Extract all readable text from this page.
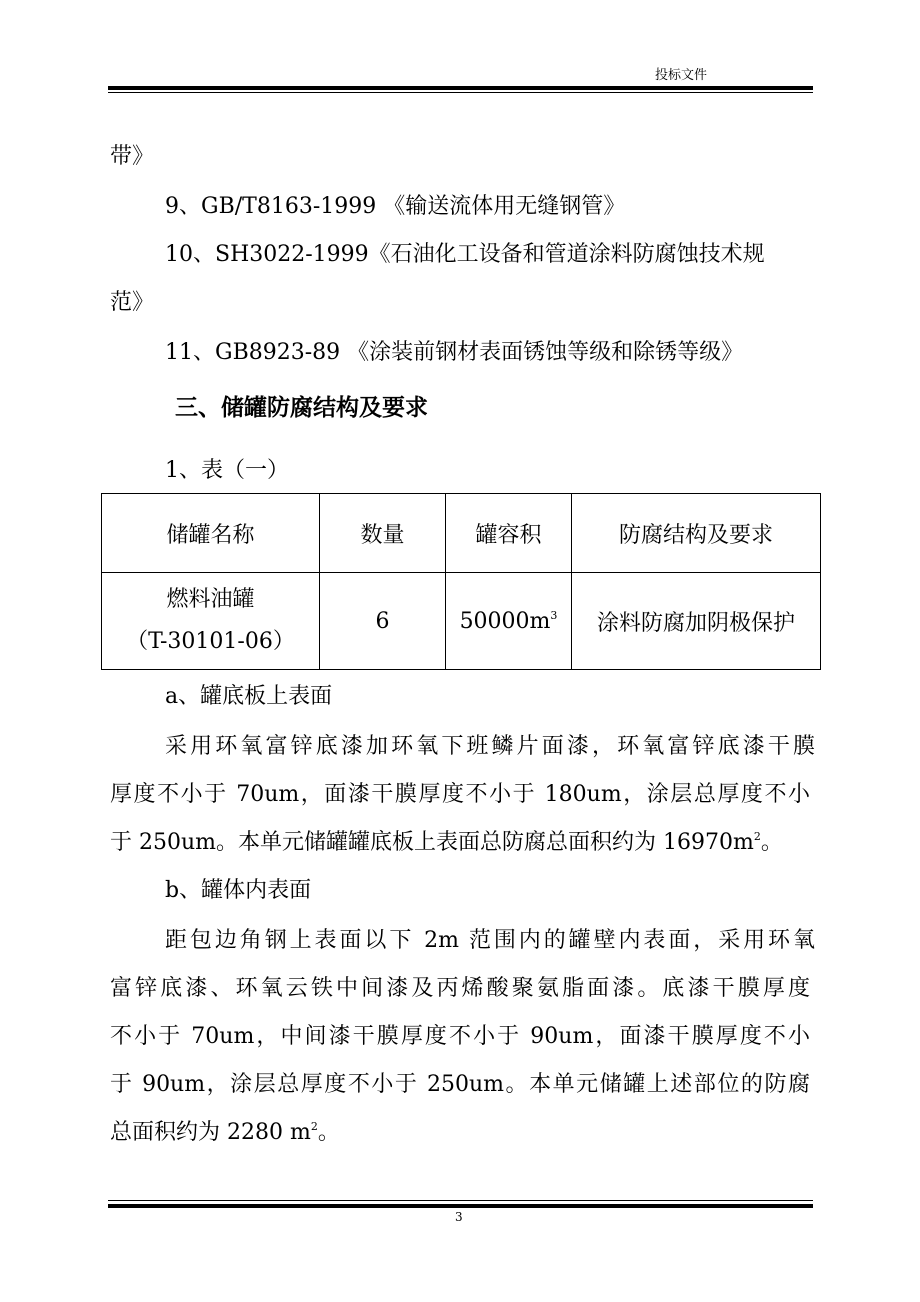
投标文件
带》
9、GB/T8163-1999 《输送流体用无缝钢管》
10、SH3022-1999《石油化工设备和管道涂料防腐蚀技术规
范》
11、GB8923-89 《涂装前钢材表面锈蚀等级和除锈等级》
三、储罐防腐结构及要求
1、表（一）
储罐名称	数量	罐容积	防腐结构及要求

燃料油罐
（T-30101-06）	6	$50000m^3$	涂料防腐加阴极保护
a、罐底板上表面
采用环氧富锌底漆加环氧下班鳞片面漆，环氧富锌底漆干膜
厚度不小于 70um，面漆干膜厚度不小于 180um，涂层总厚度不小
于 250um。本单元储罐罐底板上表面总防腐总面积约为 $16970m^2$。
b、罐体内表面
距包边角钢上表面以下 2m 范围内的罐壁内表面，采用环氧
富锌底漆、环氧云铁中间漆及丙烯酸聚氨脂面漆。底漆干膜厚度
不小于 70um，中间漆干膜厚度不小于 90um，面漆干膜厚度不小
于 90um，涂层总厚度不小于 250um。本单元储罐上述部位的防腐
总面积约为 2280 $m^2$。
3
